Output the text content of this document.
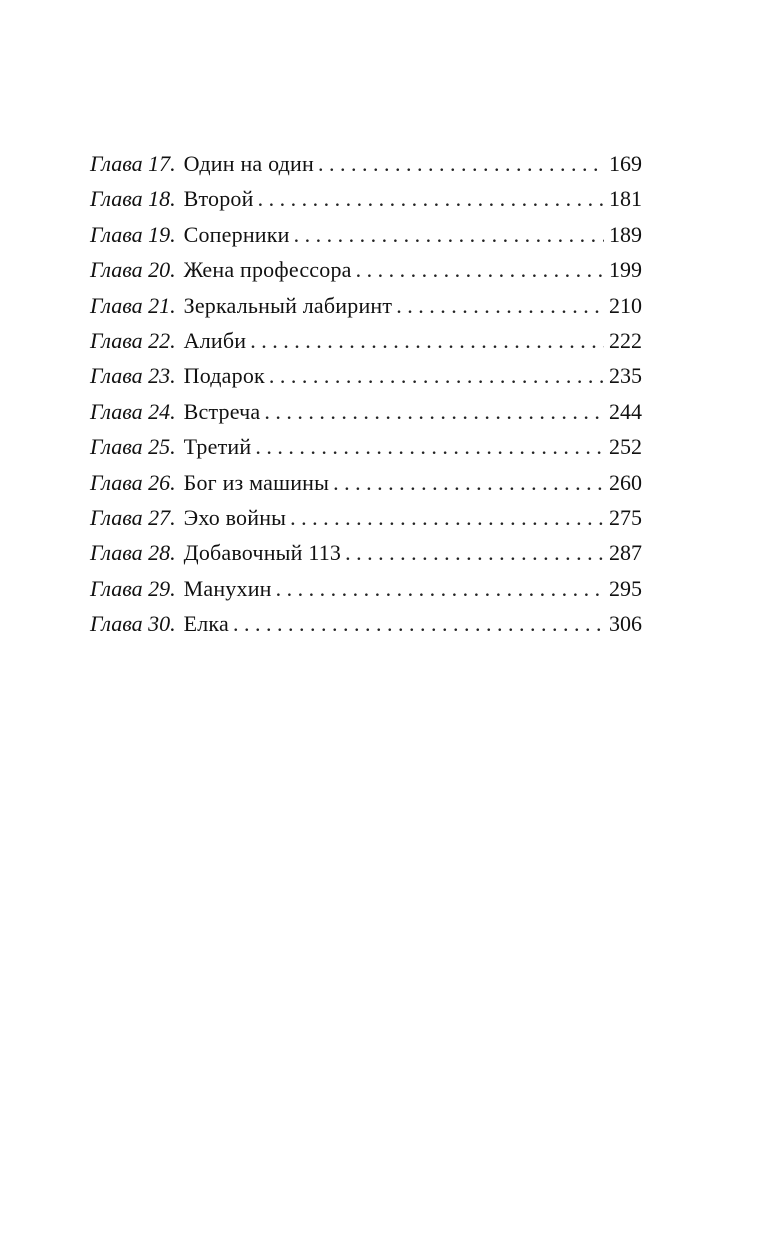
Глава 17. Один на один . . .	169
Глава 18. Второй . . .	181
Глава 19. Соперники . . .	189
Глава 20. Жена профессора . . .	199
Глава 21. Зеркальный лабиринт . . .	210
Глава 22. Алиби . . .	222
Глава 23. Подарок . . .	235
Глава 24. Встреча . . .	244
Глава 25. Третий . . .	252
Глава 26. Бог из машины . . .	260
Глава 27. Эхо войны . . .	275
Глава 28. Добавочный 113 . . .	287
Глава 29. Манухин . . .	295
Глава 30. Елка . . .	306
